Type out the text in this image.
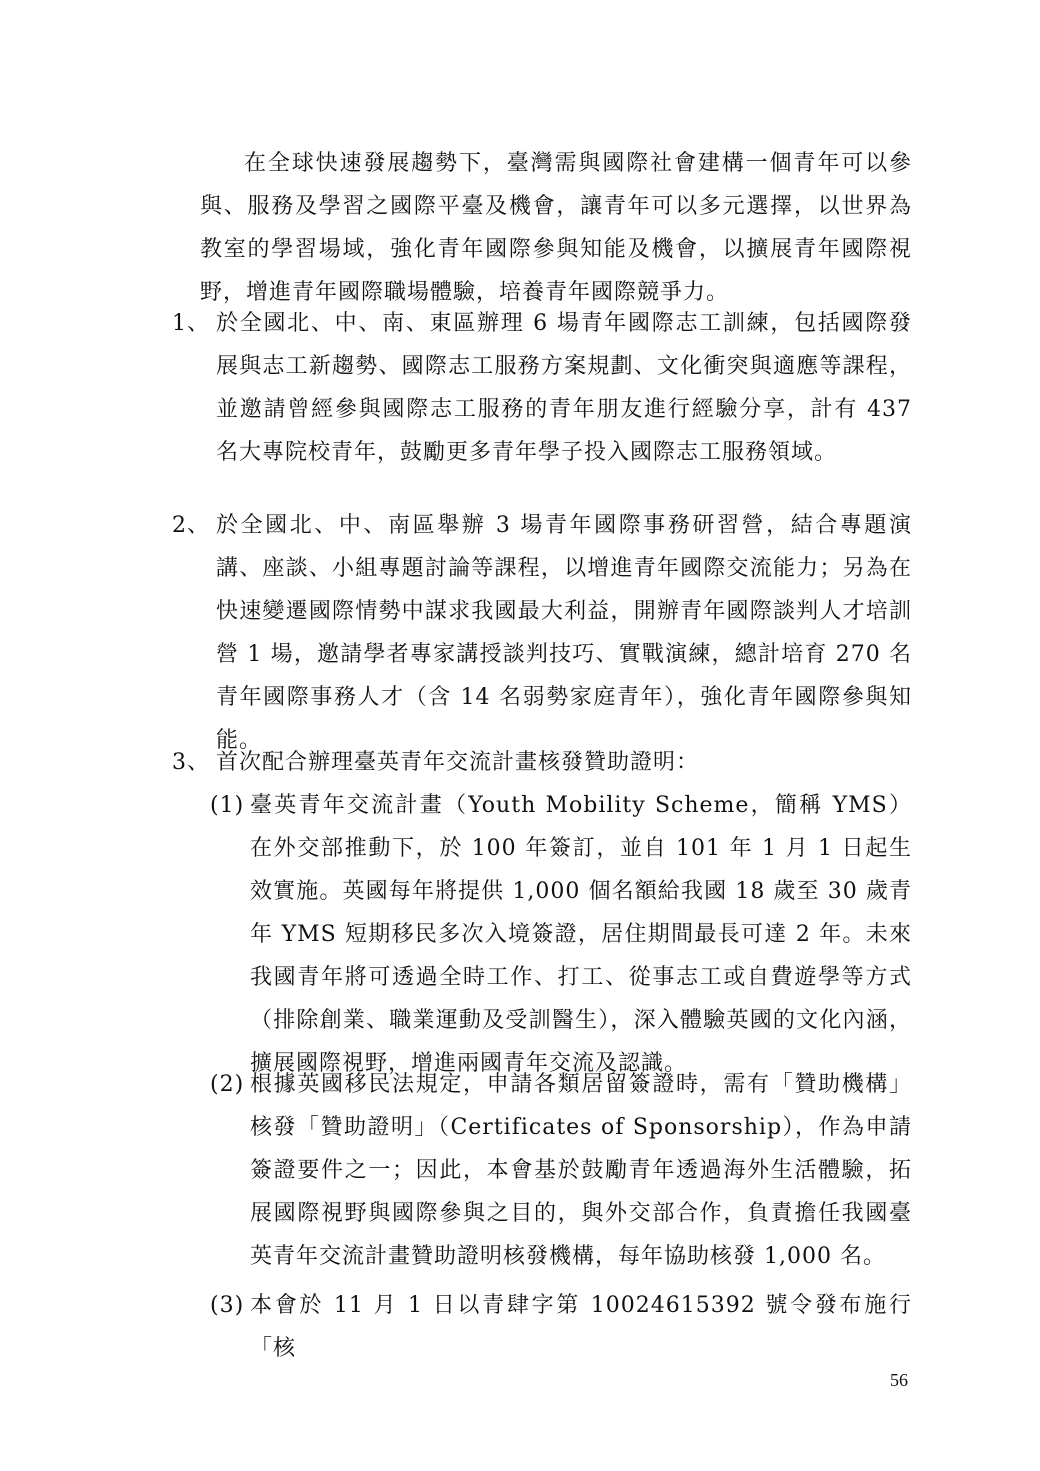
在全球快速發展趨勢下，臺灣需與國際社會建構一個青年可以參與、服務及學習之國際平臺及機會，讓青年可以多元選擇，以世界為教室的學習場域，強化青年國際參與知能及機會，以擴展青年國際視野，增進青年國際職場體驗，培養青年國際競爭力。

1、 於全國北、中、南、東區辦理 6 場青年國際志工訓練，包括國際發展與志工新趨勢、國際志工服務方案規劃、文化衝突與適應等課程，並邀請曾經參與國際志工服務的青年朋友進行經驗分享，計有 437 名大專院校青年，鼓勵更多青年學子投入國際志工服務領域。
2、 於全國北、中、南區舉辦 3 場青年國際事務研習營，結合專題演講、座談、小組專題討論等課程，以增進青年國際交流能力；另為在快速變遷國際情勢中謀求我國最大利益，開辦青年國際談判人才培訓營 1 場，邀請學者專家講授談判技巧、實戰演練，總計培育 270 名青年國際事務人才（含 14 名弱勢家庭青年），強化青年國際參與知能。
3、 首次配合辦理臺英青年交流計畫核發贊助證明：
(1) 臺英青年交流計畫（Youth Mobility Scheme，簡稱 YMS）在外交部推動下，於 100 年簽訂，並自 101 年 1 月 1 日起生效實施。英國每年將提供 1,000 個名額給我國 18 歲至 30 歲青年 YMS 短期移民多次入境簽證，居住期間最長可達 2 年。未來我國青年將可透過全時工作、打工、從事志工或自費遊學等方式（排除創業、職業運動及受訓醫生），深入體驗英國的文化內涵，擴展國際視野，增進兩國青年交流及認識。
(2) 根據英國移民法規定，申請各類居留簽證時，需有「贊助機構」核發「贊助證明」（Certificates of Sponsorship），作為申請簽證要件之一；因此，本會基於鼓勵青年透過海外生活體驗，拓展國際視野與國際參與之目的，與外交部合作，負責擔任我國臺英青年交流計畫贊助證明核發機構，每年協助核發 1,000 名。
(3) 本會於 11 月 1 日以青肆字第 10024615392 號令發布施行「核
56
